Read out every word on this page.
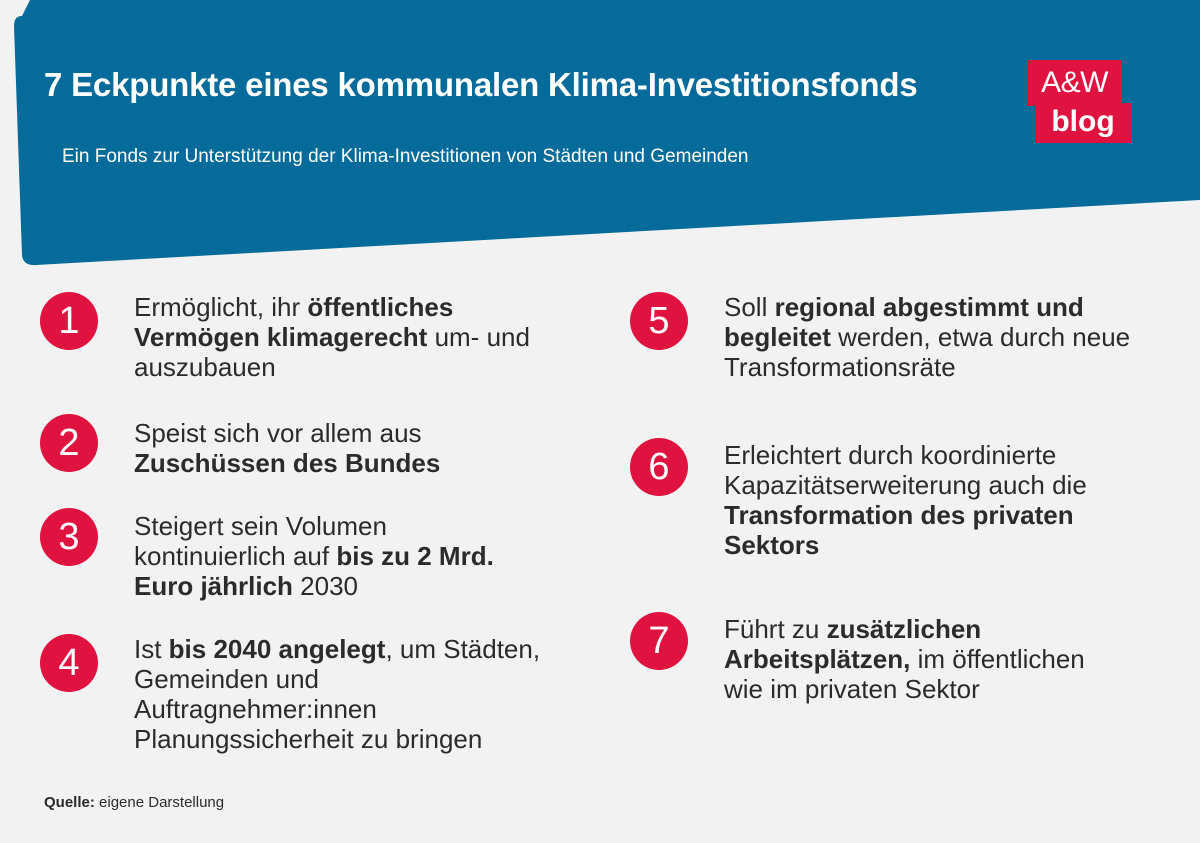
7 Eckpunkte eines kommunalen Klima-Investitionsfonds
Ein Fonds zur Unterstützung der Klima-Investitionen von Städten und Gemeinden
A&W
blog
1	Ermöglicht, ihr öffentliches
Vermögen klimagerecht um- und
auszubauen
2	Speist sich vor allem aus
Zuschüssen des Bundes
3	Steigert sein Volumen
kontinuierlich auf bis zu 2 Mrd.
Euro jährlich 2030
4	Ist bis 2040 angelegt, um Städten,
Gemeinden und
Auftragnehmer:innen
Planungssicherheit zu bringen
5	Soll regional abgestimmt und
begleitet werden, etwa durch neue
Transformationsräte
6	Erleichtert durch koordinierte
Kapazitätserweiterung auch die
Transformation des privaten
Sektors
7	Führt zu zusätzlichen
Arbeitsplätzen, im öffentlichen
wie im privaten Sektor
Quelle: eigene Darstellung
